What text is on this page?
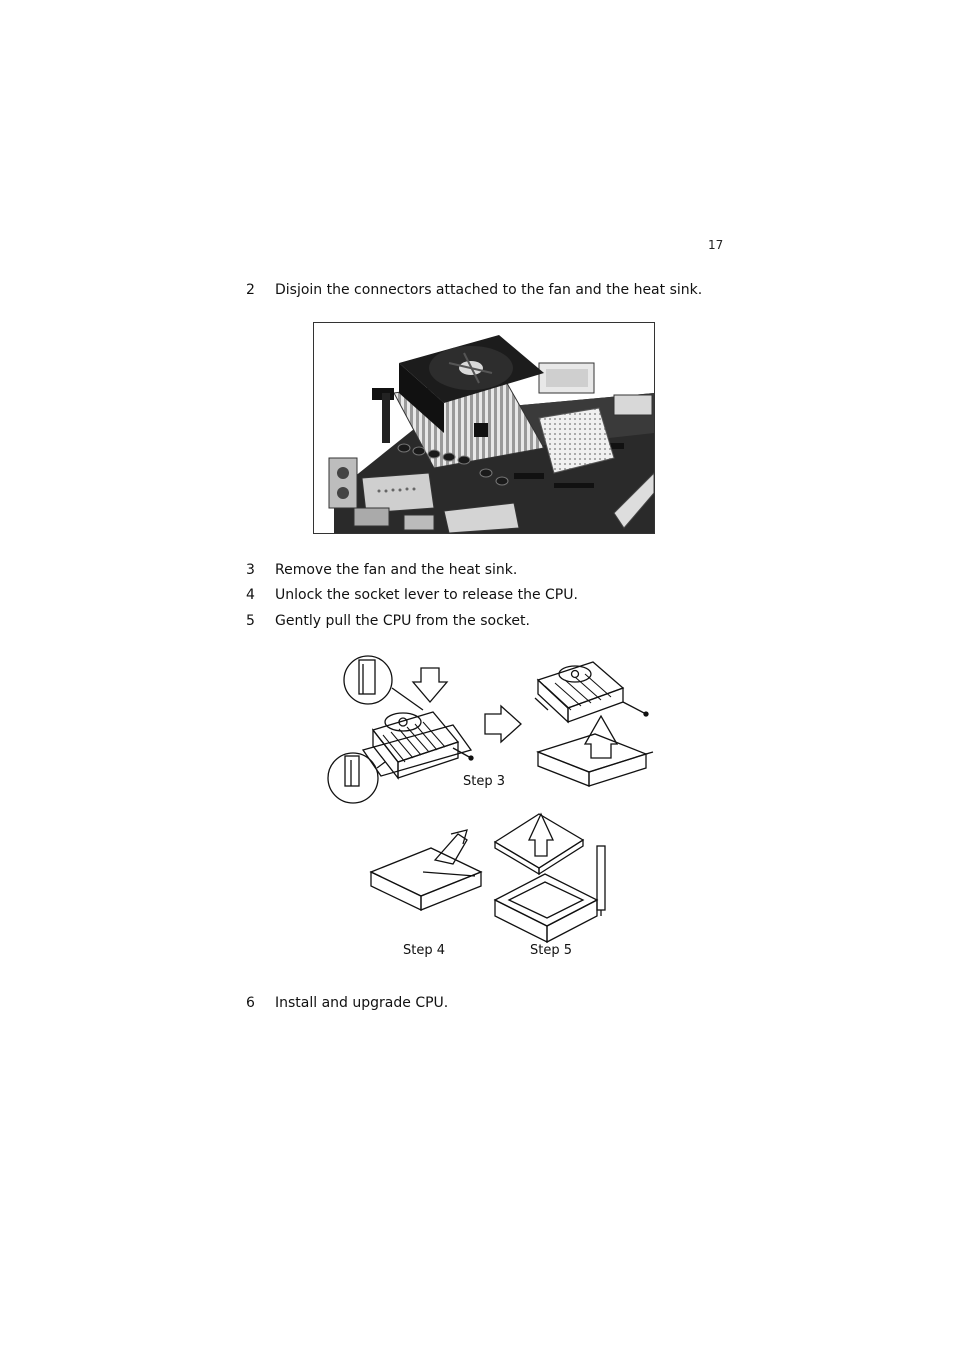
17
2	Disjoin the connectors attached to the fan and the heat sink.
3	Remove the fan and the heat sink.
4	Unlock the socket lever to release the CPU.
5	Gently pull the CPU from the socket.
Step 3
Step 4	Step 5
6	Install and upgrade CPU.
